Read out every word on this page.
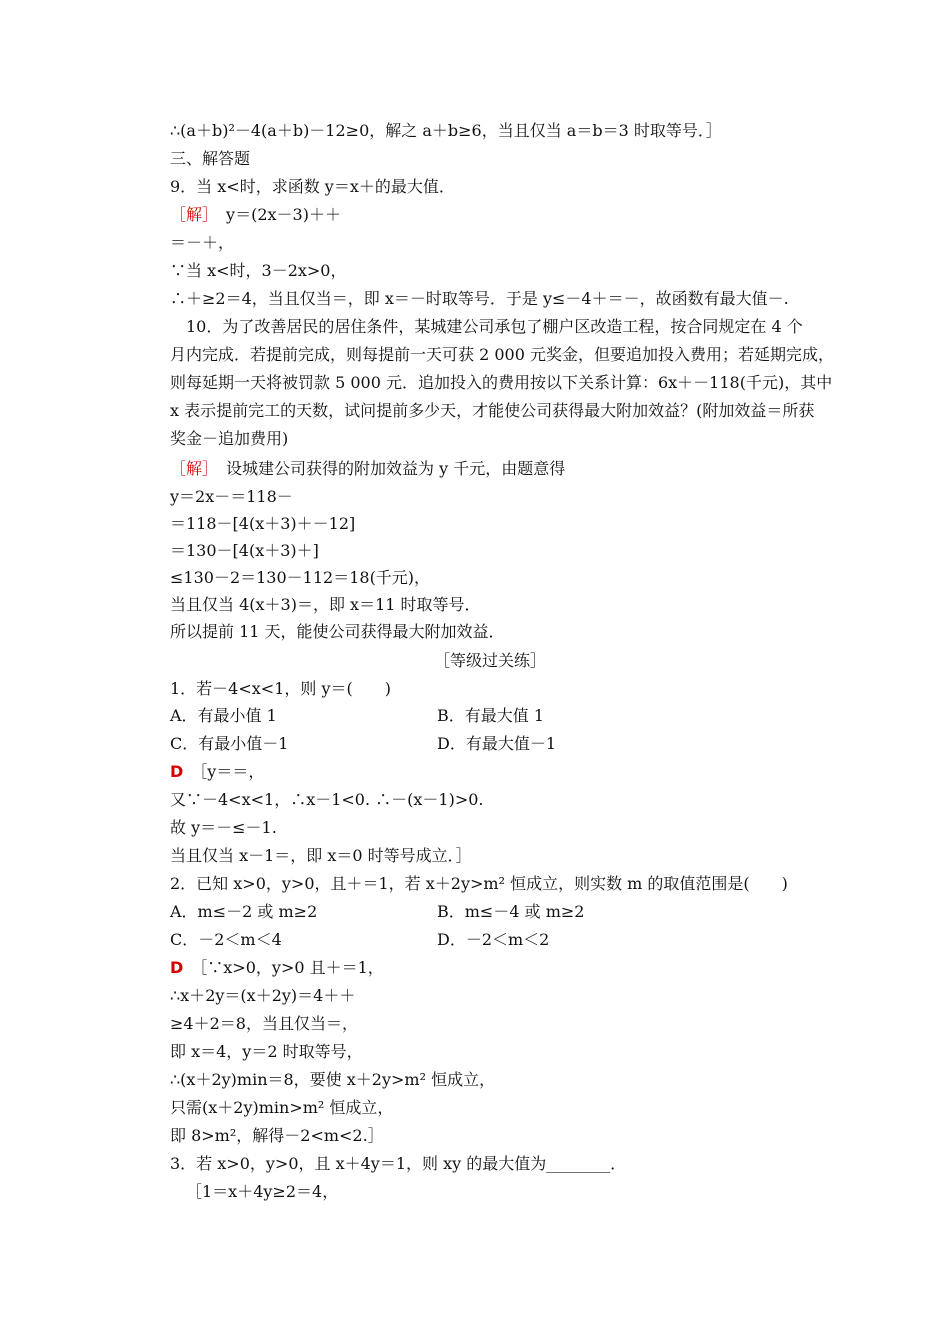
∴(a＋b)²－4(a＋b)－12≥0，解之 a＋b≥6，当且仅当 a＝b＝3 时取等号．］
三、解答题
9．当 x<时，求函数 y＝x＋的最大值．
［解］　 y＝(2x－3)＋＋
＝－＋，
∵当 x<时，3－2x>0，
∴＋≥2＝4，当且仅当＝，即 x＝－时取等号．于是 y≤－4＋＝－，故函数有最大值－.
10．为了改善居民的居住条件，某城建公司承包了棚户区改造工程，按合同规定在 4 个
月内完成．若提前完成，则每提前一天可获 2 000 元奖金，但要追加投入费用；若延期完成，
则每延期一天将被罚款 5 000 元．追加投入的费用按以下关系计算：6x＋－118(千元)，其中
x 表示提前完工的天数，试问提前多少天，才能使公司获得最大附加效益？(附加效益＝所获
奖金－追加费用)
［解］　 设城建公司获得的附加效益为 y 千元，由题意得
y＝2x－＝118－
＝118－[4(x＋3)＋－12]
＝130－[4(x＋3)＋]
≤130－2＝130－112＝18(千元)，
当且仅当 4(x＋3)＝，即 x＝11 时取等号．
所以提前 11 天，能使公司获得最大附加效益．
［等级过关练］
1．若－4<x<1，则 y＝(　　)
A．有最小值 1	B．有最大值 1
C．有最小值－1	D．有最大值－1
D　 ［y＝＝，
又∵－4<x<1，∴x－1<0. ∴－(x－1)>0.
故 y＝－≤－1.
当且仅当 x－1＝，即 x＝0 时等号成立．］
2．已知 x>0，y>0，且＋＝1，若 x＋2y>m² 恒成立，则实数 m 的取值范围是(　　)
A．m≤－2 或 m≥2	B．m≤－4 或 m≥2
C．－2＜m＜4	D．－2＜m＜2
D　 ［∵x>0，y>0 且＋＝1，
∴x＋2y＝(x＋2y)＝4＋＋
≥4＋2＝8，当且仅当＝，
即 x＝4，y＝2 时取等号，
∴(x＋2y)min＝8，要使 x＋2y>m² 恒成立，
只需(x＋2y)min>m² 恒成立，
即 8>m²，解得－2<m<2.］
3．若 x>0，y>0，且 x＋4y＝1，则 xy 的最大值为________．
［1＝x＋4y≥2＝4，
